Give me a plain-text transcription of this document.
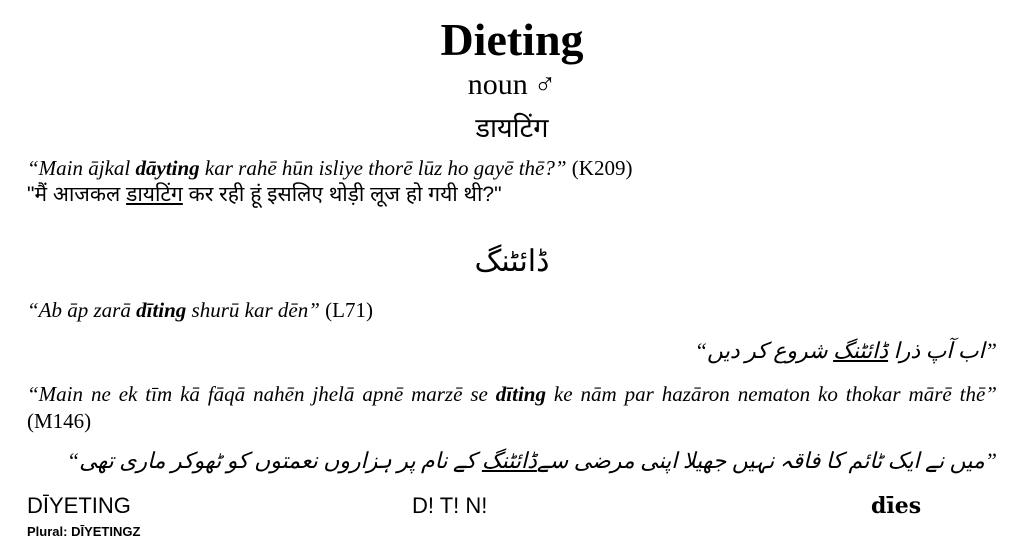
Dieting
noun ♂
डायटिंग
“Main ājkal dāyting kar rahē hūn isliye thorē lūz ho gayē thē?” (K209)
"मैं आजकल डायटिंग कर रही हूं इसलिए थोड़ी लूज हो गयी थी?"
ڈائٹنگ
“Ab āp zarā dīting shurū kar dēn” (L71)
”اب آپ ذرا ڈائٹنگ شروع کر دیں“
“Main ne ek tīm kā fāqā nahēn jhelā apnē marzē se dīting ke nām par hazāron nematon ko thokar mārē thē” (M146)
”میں نے ایک ٹائم کا فاقہ نہیں جھیلا اپنی مرضی سےڈائٹنگ کے نام پر ہزاروں نعمتوں کو ٹھوکر ماری تھی“
DĪYETING	D! T! N!	ⅾīes
Plural: DĪYETINGZ
